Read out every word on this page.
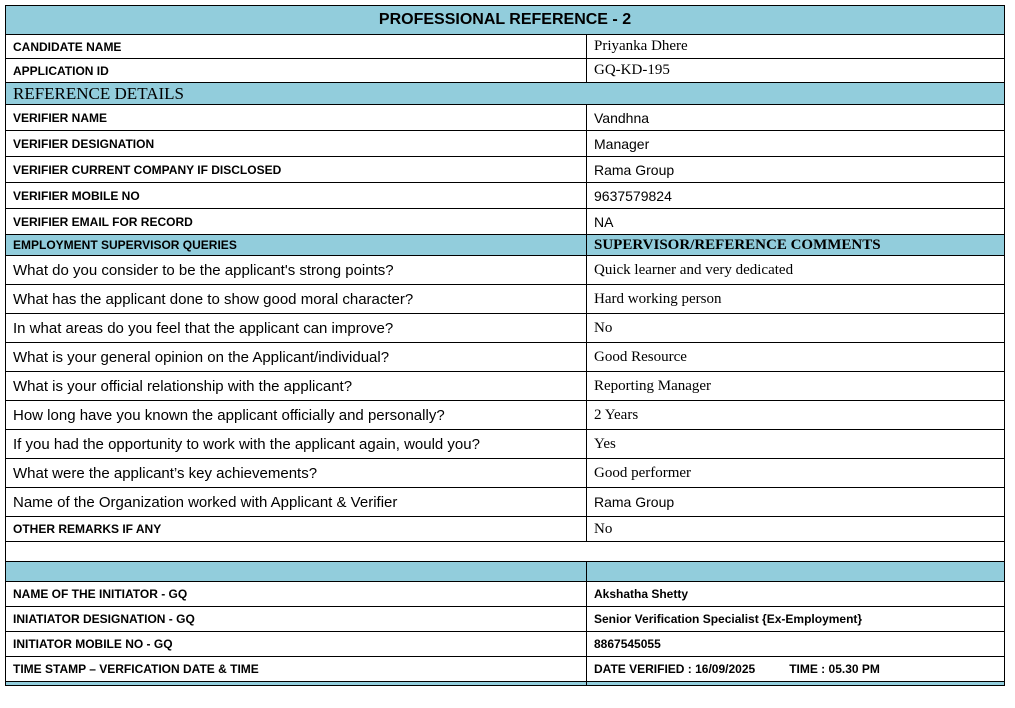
PROFESSIONAL REFERENCE - 2	
CANDIDATE NAME	Priyanka Dhere
APPLICATION ID	GQ-KD-195
REFERENCE DETAILS	
VERIFIER NAME	Vandhna
VERIFIER DESIGNATION	Manager
VERIFIER CURRENT COMPANY IF DISCLOSED	Rama Group
VERIFIER MOBILE NO	9637579824
VERIFIER EMAIL FOR RECORD	NA
EMPLOYMENT SUPERVISOR QUERIES	SUPERVISOR/REFERENCE COMMENTS
What do you consider to be the applicant's strong points?	Quick learner and very dedicated
What has the applicant done to show good moral character?	Hard working person
In what areas do you feel that the applicant can improve?	No
What is your general opinion on the Applicant/individual?	Good Resource
What is your official relationship with the applicant?	Reporting Manager
How long have you known the applicant officially and personally?	2 Years
If you had the opportunity to work with the applicant again, would you?	Yes
What were the applicant’s key achievements?	Good performer
Name of the Organization worked with Applicant & Verifier	Rama Group
OTHER REMARKS IF ANY	No

NAME OF THE INITIATOR - GQ	Akshatha Shetty
INIATIATOR DESIGNATION - GQ	Senior Verification Specialist {Ex-Employment}
INITIATOR MOBILE NO - GQ	8867545055
TIME STAMP – VERFICATION DATE & TIME	DATE VERIFIED : 16/09/2025 TIME : 05.30 PM
